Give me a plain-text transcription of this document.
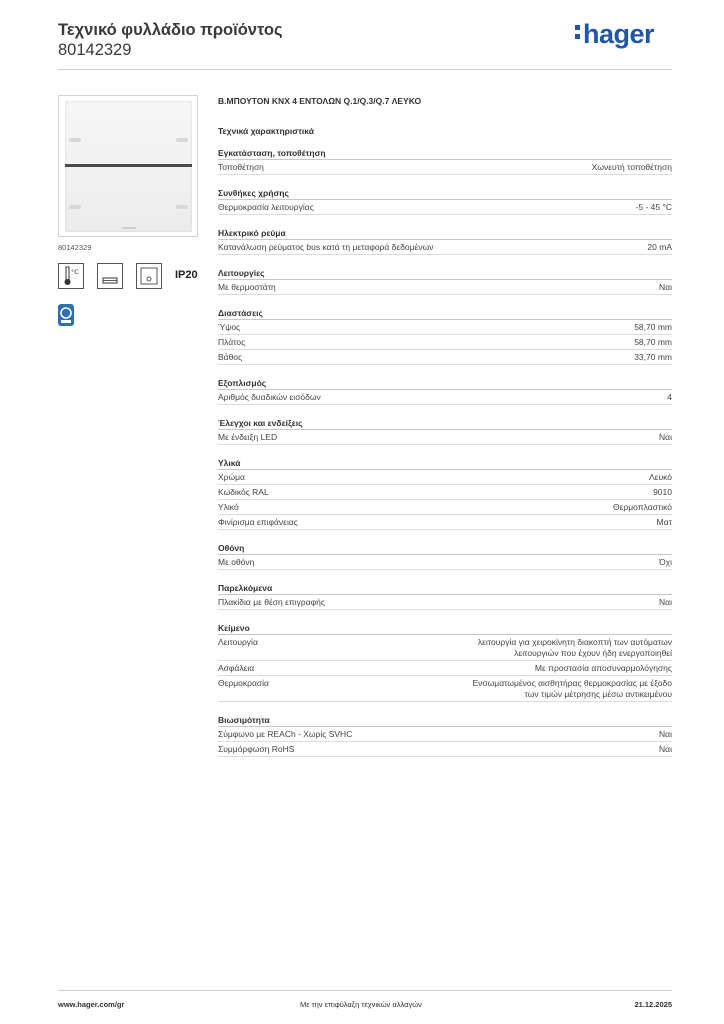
Τεχνικό φυλλάδιο προϊόντος
80142329
hager
80142329
°C	IP20
Β.ΜΠΟΥΤΟΝ ΚΝΧ 4 ΕΝΤΟΛΩΝ Q.1/Q.3/Q.7 ΛΕΥΚΟ
Τεχνικά χαρακτηριστικά
Εγκατάσταση, τοποθέτηση
Τοποθέτηση	Χωνευτή τοποθέτηση
Συνθήκες χρήσης
Θερμοκρασία λειτουργίας	-5 - 45 °C
Ηλεκτρικό ρεύμα
Κατανάλωση ρεύματος bus κατά τη μεταφορά δεδομένων	20 mA
Λειτουργίες
Με θερμοστάτη	Ναι
Διαστάσεις
Ύψος	58,70 mm
Πλάτος	58,70 mm
Βάθος	33,70 mm
Εξοπλισμός
Αριθμός δυαδικών εισόδων	4
Έλεγχοι και ενδείξεις
Με ένδειξη LED	Ναι
Υλικά
Χρώμα	Λευκό
Κωδικός RAL	9010
Υλικό	Θερμοπλαστικό
Φινίρισμα επιφάνειας	Ματ
Οθόνη
Με οθόνη	Όχι
Παρελκόμενα
Πλακίδια με θέση επιγραφής	Ναι
Κείμενο
Λειτουργία	λειτουργία για χειροκίνητη διακοπτή των αυτόματων λειτουργιών που έχουν ήδη ενεργοποιηθεί
Ασφάλεια	Με προστασία αποσυναρμολόγησης
Θερμοκρασία	Ενσωματωμένος αισθητήρας θερμοκρασίας με έξοδο των τιμών μέτρησης μέσω αντικειμένου
Βιωσιμότητα
Σύμφωνο με REACh - Χωρίς SVHC	Ναι
Συμμόρφωση RoHS	Ναι
www.hager.com/gr	Με την επιφύλαξη τεχνικών αλλαγών	21.12.2025
